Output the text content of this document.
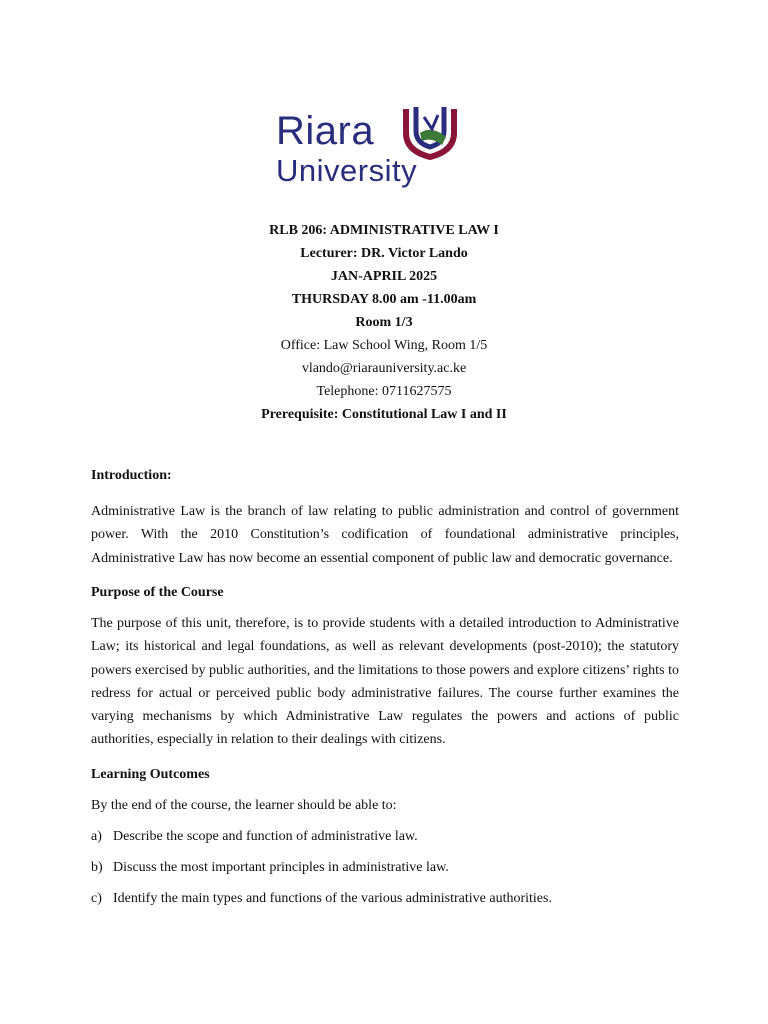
Riara
University
RLB 206: ADMINISTRATIVE LAW I
Lecturer: DR. Victor Lando
JAN-APRIL 2025
THURSDAY 8.00 am -11.00am
Room 1/3
Office: Law School Wing, Room 1/5
vlando@riarauniversity.ac.ke
Telephone: 0711627575
Prerequisite: Constitutional Law I and II
Introduction:
Administrative Law is the branch of law relating to public administration and control of government power. With the 2010 Constitution’s codification of foundational administrative principles, Administrative Law has now become an essential component of public law and democratic governance.
Purpose of the Course
The purpose of this unit, therefore, is to provide students with a detailed introduction to Administrative Law; its historical and legal foundations, as well as relevant developments (post-2010); the statutory powers exercised by public authorities, and the limitations to those powers and explore citizens’ rights to redress for actual or perceived public body administrative failures. The course further examines the varying mechanisms by which Administrative Law regulates the powers and actions of public authorities, especially in relation to their dealings with citizens.
Learning Outcomes
By the end of the course, the learner should be able to:
a) Describe the scope and function of administrative law.
b) Discuss the most important principles in administrative law.
c) Identify the main types and functions of the various administrative authorities.
